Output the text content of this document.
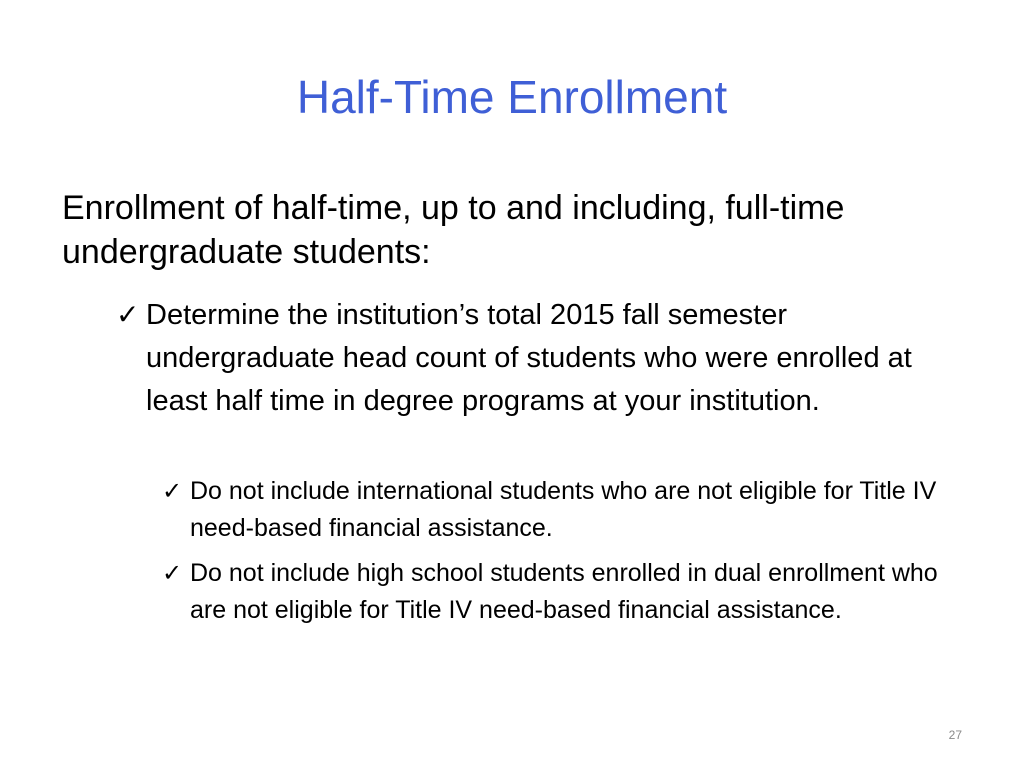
Half-Time Enrollment
Enrollment of half-time, up to and including, full-time undergraduate students:
✓ Determine the institution’s total 2015 fall semester undergraduate head count of students who were enrolled at least half time in degree programs at your institution.
✓ Do not include international students who are not eligible for Title IV need-based financial assistance.
✓ Do not include high school students enrolled in dual enrollment who are not eligible for Title IV need-based financial assistance.
27
